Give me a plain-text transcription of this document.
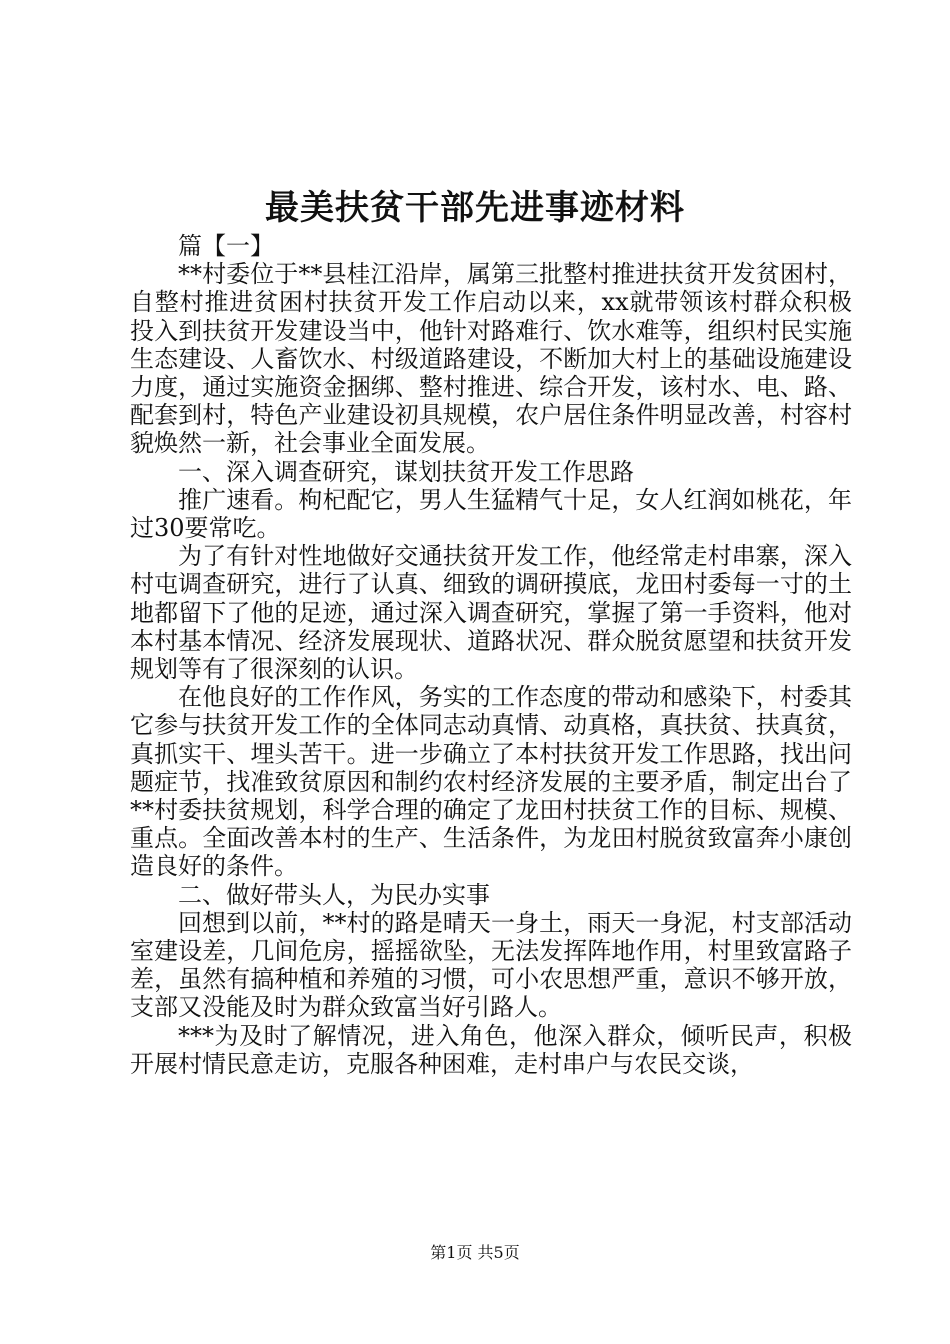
最美扶贫干部先进事迹材料

篇【一】

**村委位于**县桂江沿岸，属第三批整村推进扶贫开发贫困村，自整村推进贫困村扶贫开发工作启动以来，xx就带领该村群众积极投入到扶贫开发建设当中，他针对路难行、饮水难等，组织村民实施生态建设、人畜饮水、村级道路建设，不断加大村上的基础设施建设力度，通过实施资金捆绑、整村推进、综合开发，该村水、电、路、配套到村，特色产业建设初具规模，农户居住条件明显改善，村容村貌焕然一新，社会事业全面发展。

一、深入调查研究，谋划扶贫开发工作思路

推广速看。枸杞配它，男人生猛精气十足，女人红润如桃花，年过30要常吃。

为了有针对性地做好交通扶贫开发工作，他经常走村串寨，深入村屯调查研究，进行了认真、细致的调研摸底，龙田村委每一寸的土地都留下了他的足迹，通过深入调查研究，掌握了第一手资料，他对本村基本情况、经济发展现状、道路状况、群众脱贫愿望和扶贫开发规划等有了很深刻的认识。

在他良好的工作作风，务实的工作态度的带动和感染下，村委其它参与扶贫开发工作的全体同志动真情、动真格，真扶贫、扶真贫，真抓实干、埋头苦干。进一步确立了本村扶贫开发工作思路，找出问题症节，找准致贫原因和制约农村经济发展的主要矛盾，制定出台了**村委扶贫规划，科学合理的确定了龙田村扶贫工作的目标、规模、重点。全面改善本村的生产、生活条件，为龙田村脱贫致富奔小康创造良好的条件。

二、做好带头人，为民办实事

回想到以前，**村的路是晴天一身土，雨天一身泥，村支部活动室建设差，几间危房，摇摇欲坠，无法发挥阵地作用，村里致富路子差，虽然有搞种植和养殖的习惯，可小农思想严重，意识不够开放，支部又没能及时为群众致富当好引路人。

***为及时了解情况，进入角色，他深入群众，倾听民声，积极开展村情民意走访，克服各种困难，走村串户与农民交谈，

第1页 共5页
